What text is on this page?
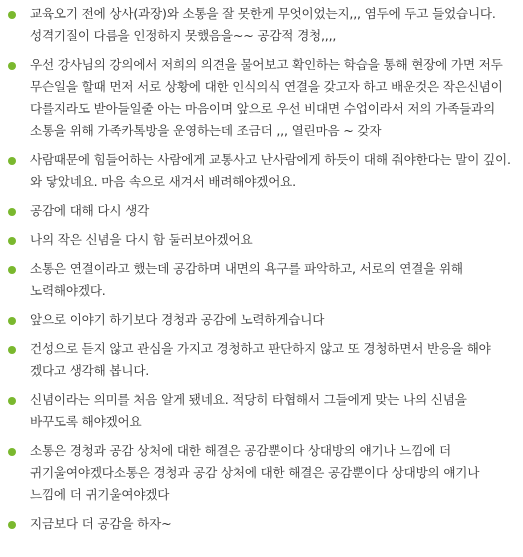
교육오기 전에 상사(과장)와 소통을 잘 못한게 무엇이었는지,,, 염두에 두고 들었습니다. 성격기질이 다름을 인정하지 못했음을~~ 공감적 경청,,,,
우선 강사님의 강의에서 저희의 의견을 물어보고 확인하는 학습을 통해 현장에 가면 저두 무슨일을 할때 먼저 서로 상황에 대한 인식의식 연결을 갖고자 하고 배운것은 작은신념이 다를지라도 받아들일줄 아는 마음이며 앞으로 우선 비대면 수업이라서 저의 가족들과의 소통을 위해 가족카톡방을 운영하는데 조금더 ,,, 열린마음 ~ 갖자
사람때문에 힘들어하는 사람에게 교통사고 난사람에게 하듯이 대해 줘야한다는 말이 깊이.와 닿았네요. 마음 속으로 새겨서 배려해야겠어요.
공감에 대해 다시 생각
나의 작은 신념을 다시 함 둘러보아겠어요
소통은 연결이라고 했는데 공감하며 내면의 욕구를 파악하고, 서로의 연결을 위해 노력해야겠다.
앞으로 이야기 하기보다 경청과 공감에 노력하게습니다
건성으로 듣지 않고 관심을 가지고 경청하고 판단하지 않고 또 경청하면서 반응을 해야 겠다고 생각해 봅니다.
신념이라는 의미를 처음 알게 됐네요. 적당히 타협해서 그들에게 맞는 나의 신념을 바꾸도록 해야겠어요
소통은 경청과 공감 상처에 대한 해결은 공감뿐이다 상대방의 얘기나 느낌에 더 귀기울여야겠다소통은 경청과 공감 상처에 대한 해결은 공감뿐이다 상대방의 얘기나 느낌에 더 귀기울여야겠다
지금보다 더 공감을 하자~
